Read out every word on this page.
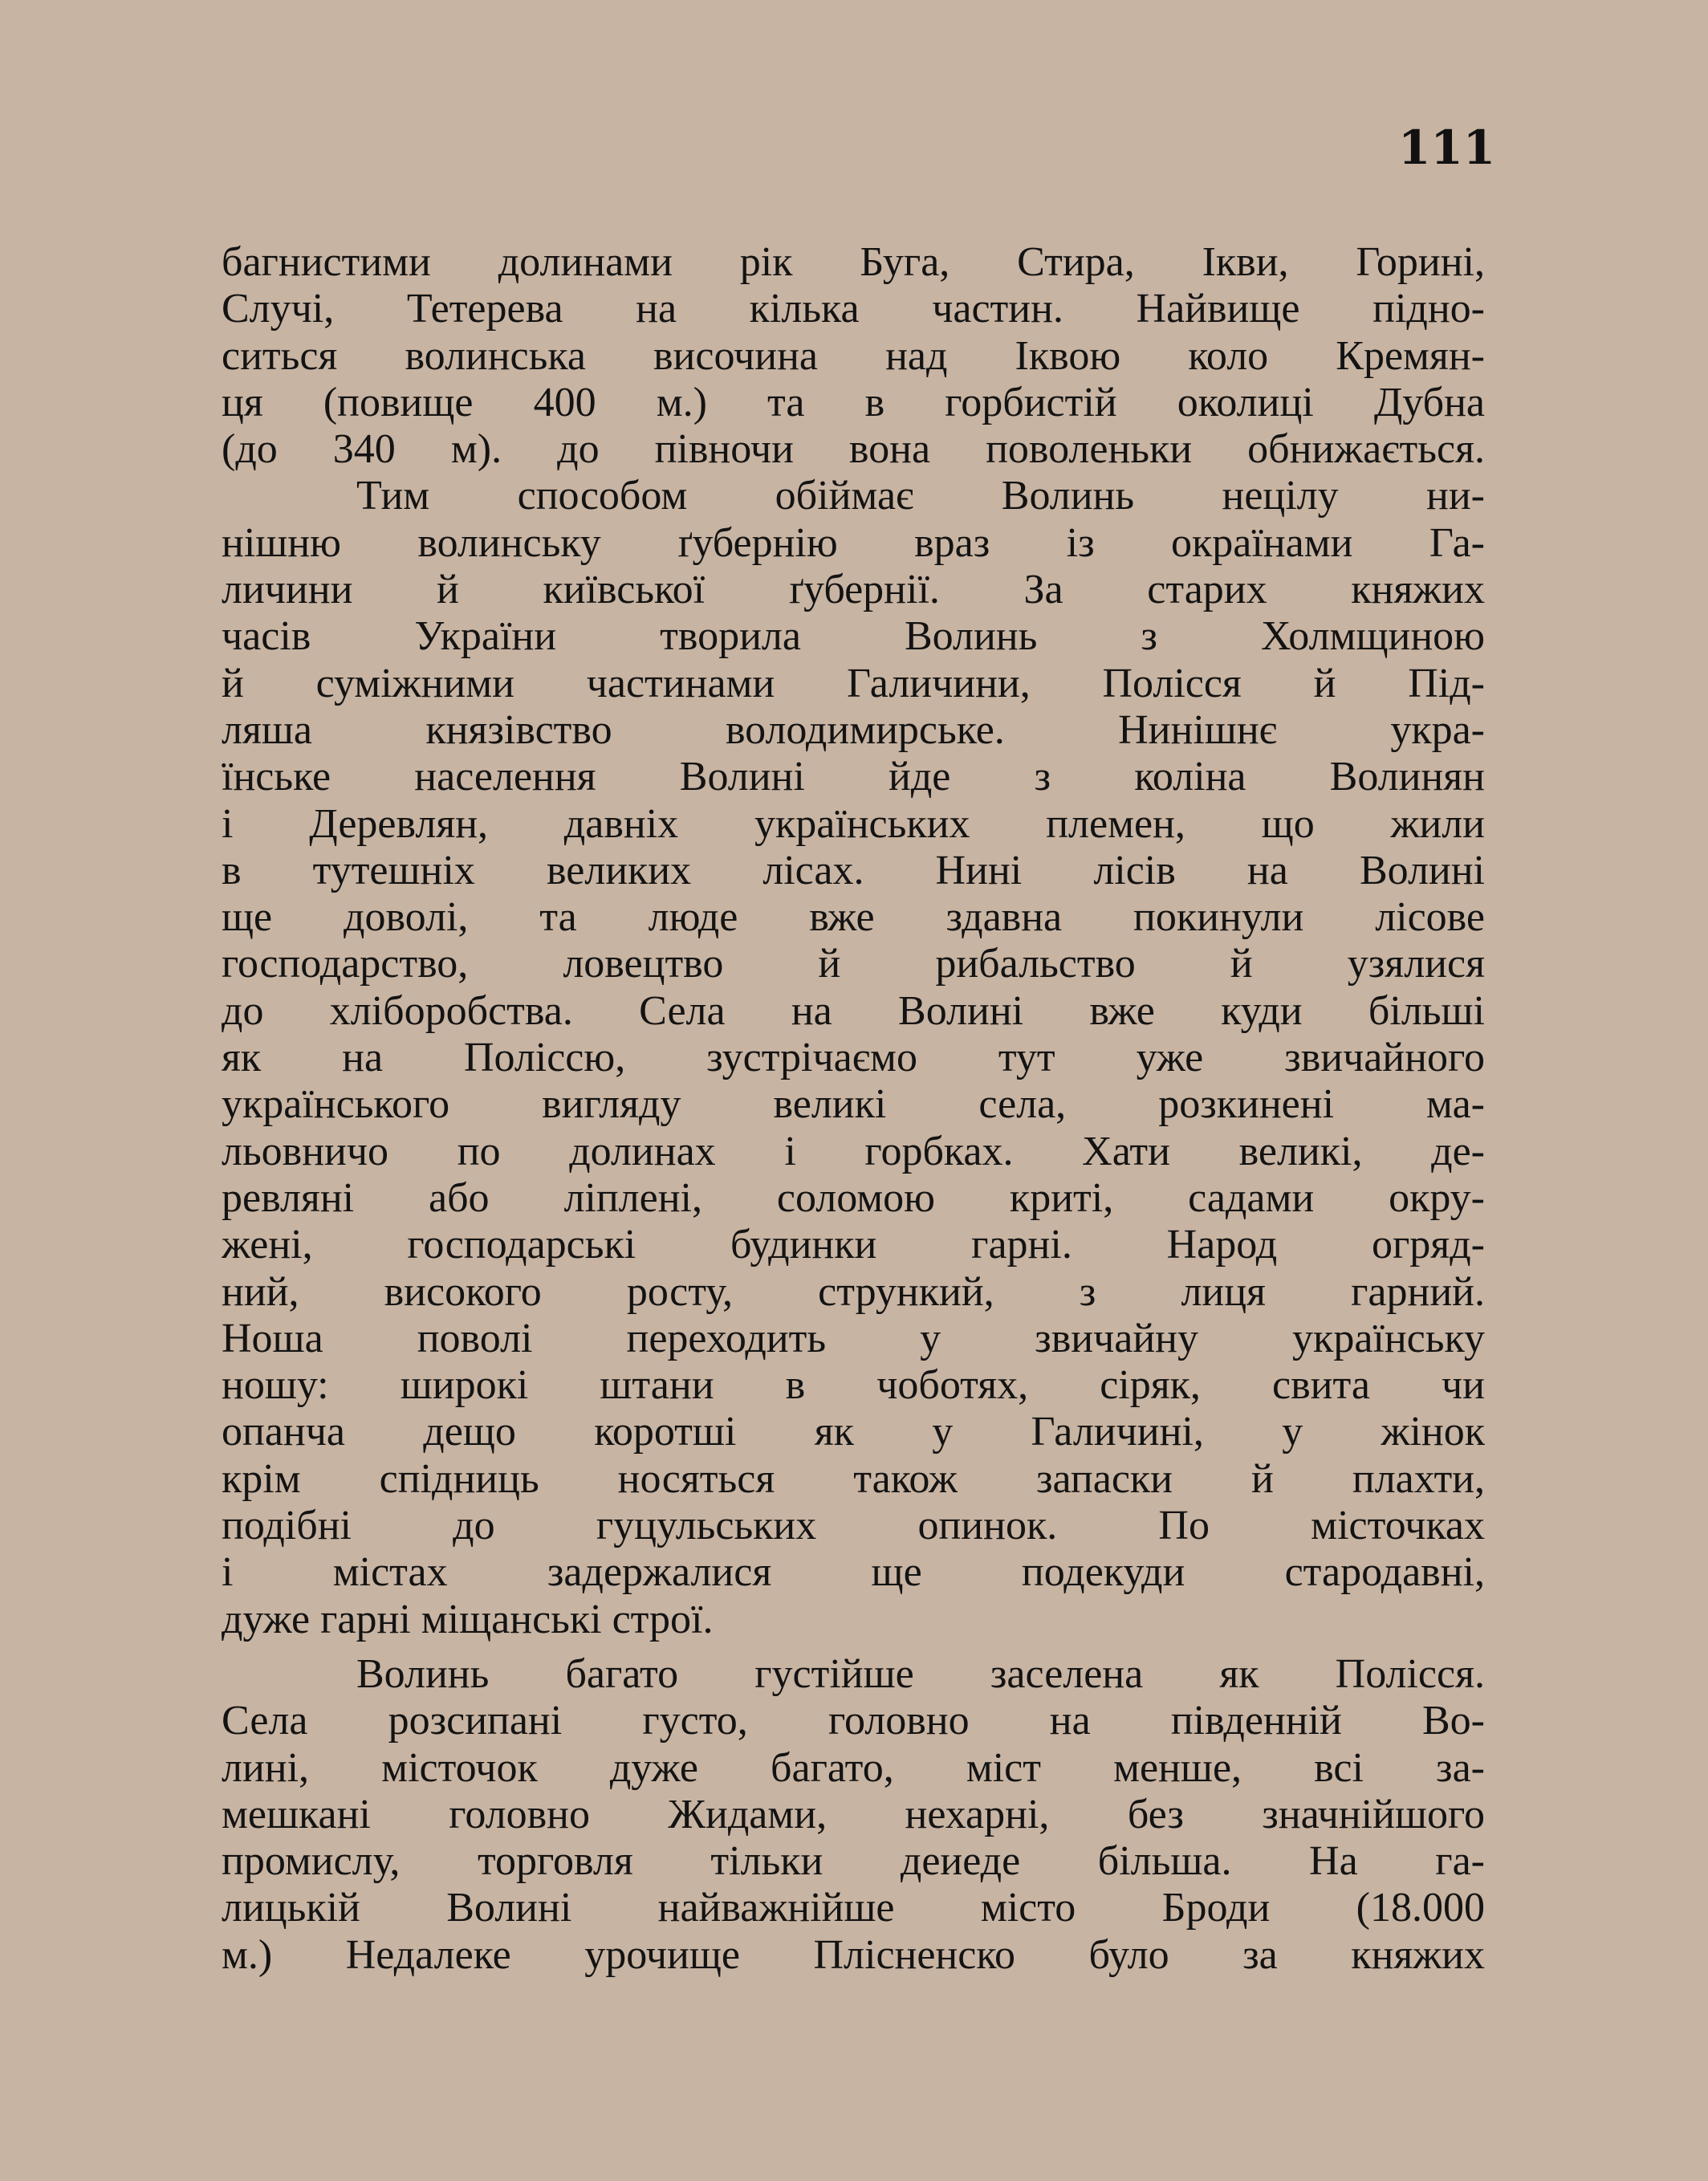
111
багнистими долинами рік Буга, Стира, Ікви, Горині,
Случі, Тетерева на кілька частин. Найвище підно-
ситься волинська височина над Іквою коло Кремян-
ця (повище 400 м.) та в горбистій околиці Дубна
(до 340 м). до півночи вона поволеньки обнижається.
Тим способом обіймає Волинь нецілу ни-
нішню волинську ґубернію враз із окраїнами Га-
личини й київської ґубернії. За старих княжих
часів України творила Волинь з Холмщиною
й суміжними частинами Галичини, Полісся й Під-
ляша князівство володимирське. Нинішнє укра-
їнське населення Волині йде з коліна Волинян
і Деревлян, давніх українських племен, що жили
в тутешніх великих лісах. Нині лісів на Волині
ще доволі, та люде вже здавна покинули лісове
господарство, ловецтво й рибальство й узялися
до хліборобства. Села на Волині вже куди більші
як на Поліссю, зустрічаємо тут уже звичайного
українського вигляду великі села, розкинені ма-
льовничо по долинах і горбках. Хати великі, де-
ревляні або ліплені, соломою криті, садами окру-
жені, господарські будинки гарні. Народ огряд-
ний, високого росту, стрункий, з лиця гарний.
Ноша поволі переходить у звичайну українську
ношу: широкі штани в чоботях, сіряк, свита чи
опанча дещо коротші як у Галичині, у жінок
крім спідниць носяться також запаски й плахти,
подібні до гуцульських опинок. По місточках
і містах задержалися ще подекуди стародавні,
дуже гарні міщанські строї.
Волинь багато густійше заселена як Полісся.
Села розсипані густо, головно на південній Во-
лині, місточок дуже багато, міст менше, всі за-
мешкані головно Жидами, нехарні, без значнійшого
промислу, торговля тільки деиеде більша. На га-
лицькій Волині найважнійше місто Броди (18.000
м.) Недалеке урочище Плісненско було за княжих
